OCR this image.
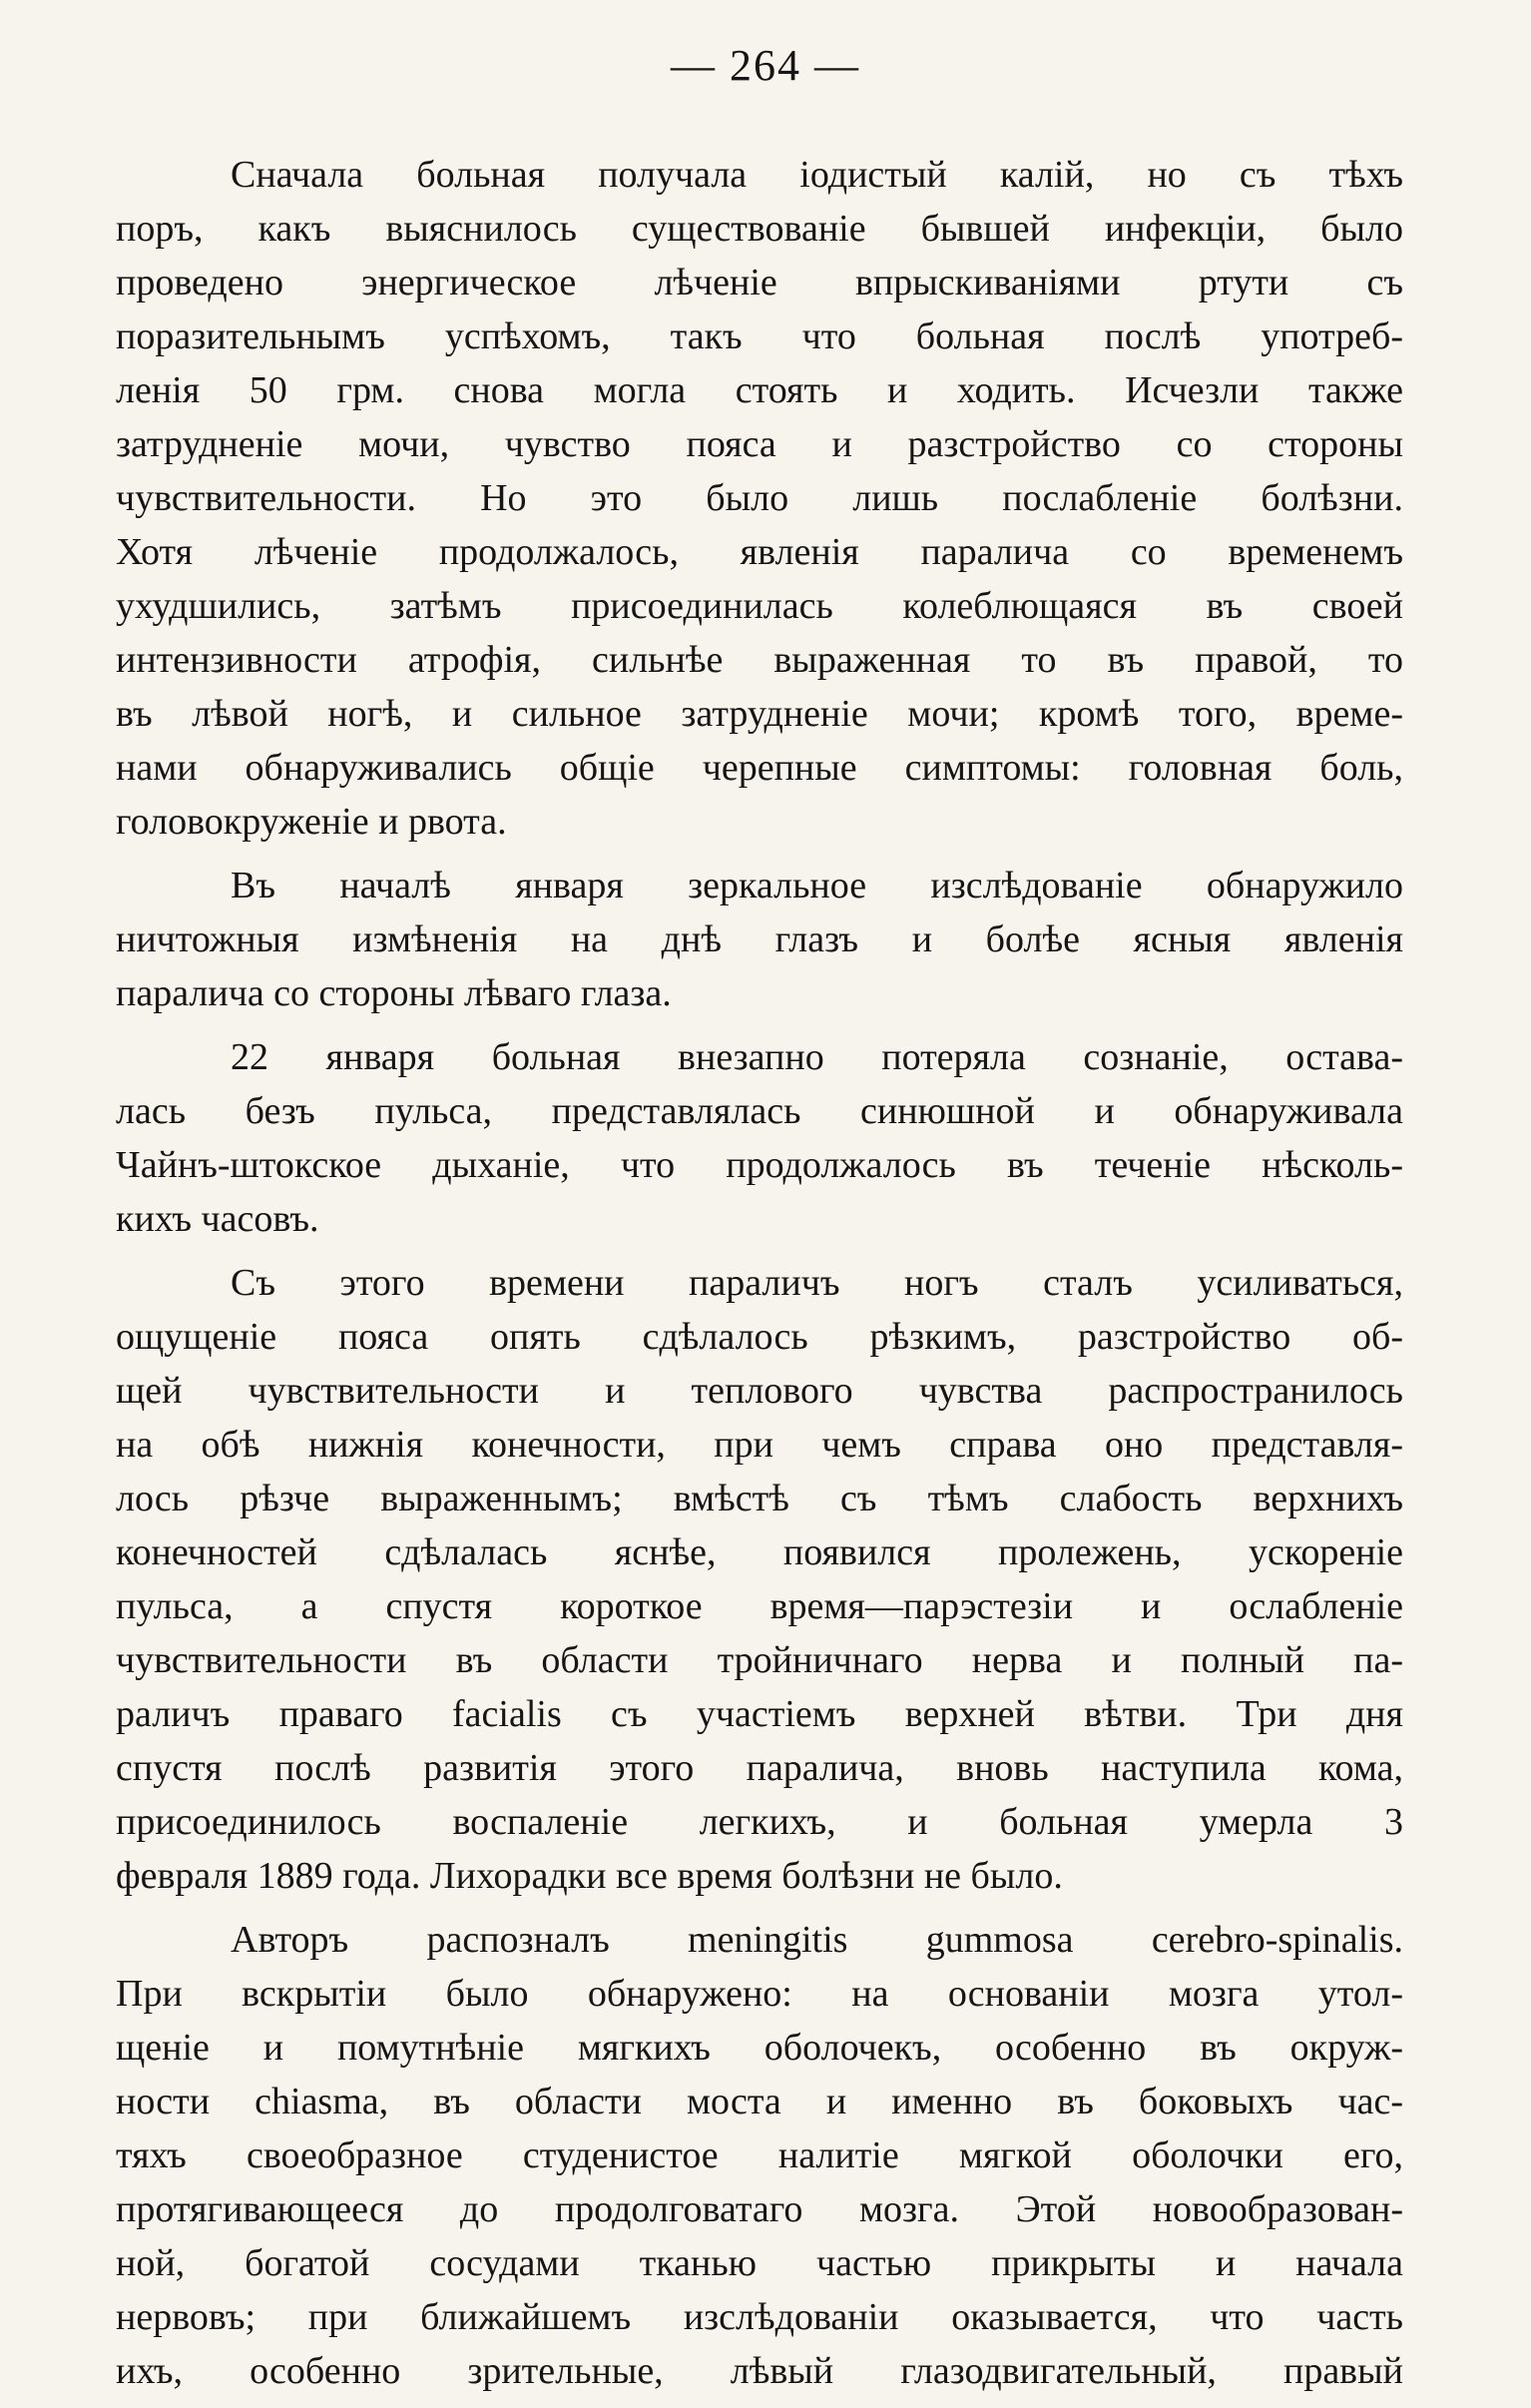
— 264 —
Сначала больная получала іодистый калій, но съ тѣхъ
поръ, какъ выяснилось существованіе бывшей инфекціи, было
проведено энергическое лѣченіе впрыскиваніями ртути съ
поразительнымъ успѣхомъ, такъ что больная послѣ употреб-
ленія 50 грм. снова могла стоять и ходить. Исчезли также
затрудненіе мочи, чувство пояса и разстройство со стороны
чувствительности. Но это было лишь послабленіе болѣзни.
Хотя лѣченіе продолжалось, явленія паралича со временемъ
ухудшились, затѣмъ присоединилась колеблющаяся въ своей
интензивности атрофія, сильнѣе выраженная то въ правой, то
въ лѣвой ногѣ, и сильное затрудненіе мочи; кромѣ того, време-
нами обнаруживались общіе черепные симптомы: головная боль,
головокруженіе и рвота.
Въ началѣ января зеркальное изслѣдованіе обнаружило
ничтожныя измѣненія на днѣ глазъ и болѣе ясныя явленія
паралича со стороны лѣваго глаза.
22 января больная внезапно потеряла сознаніе, остава-
лась безъ пульса, представлялась синюшной и обнаруживала
Чайнъ-штокское дыханіе, что продолжалось въ теченіе нѣсколь-
кихъ часовъ.
Съ этого времени параличъ ногъ сталъ усиливаться,
ощущеніе пояса опять сдѣлалось рѣзкимъ, разстройство об-
щей чувствительности и теплового чувства распространилось
на обѣ нижнія конечности, при чемъ справа оно представля-
лось рѣзче выраженнымъ; вмѣстѣ съ тѣмъ слабость верхнихъ
конечностей сдѣлалась яснѣе, появился пролежень, ускореніе
пульса, а спустя короткое время—парэстезіи и ослабленіе
чувствительности въ области тройничнаго нерва и полный па-
раличъ праваго facialis съ участіемъ верхней вѣтви. Три дня
спустя послѣ развитія этого паралича, вновь наступила кома,
присоединилось воспаленіе легкихъ, и больная умерла 3
февраля 1889 года. Лихорадки все время болѣзни не было.
Авторъ распозналъ meningitis gummosa cerebro-spinalis.
При вскрытіи было обнаружено: на основаніи мозга утол-
щеніе и помутнѣніе мягкихъ оболочекъ, особенно въ окруж-
ности chiasma, въ области моста и именно въ боковыхъ час-
тяхъ своеобразное студенистое налитіе мягкой оболочки его,
протягивающееся до продолговатаго мозга. Этой новообразован-
ной, богатой сосудами тканью частью прикрыты и начала
нервовъ; при ближайшемъ изслѣдованіи оказывается, что часть
ихъ, особенно зрительные, лѣвый глазодвигательный, правый
